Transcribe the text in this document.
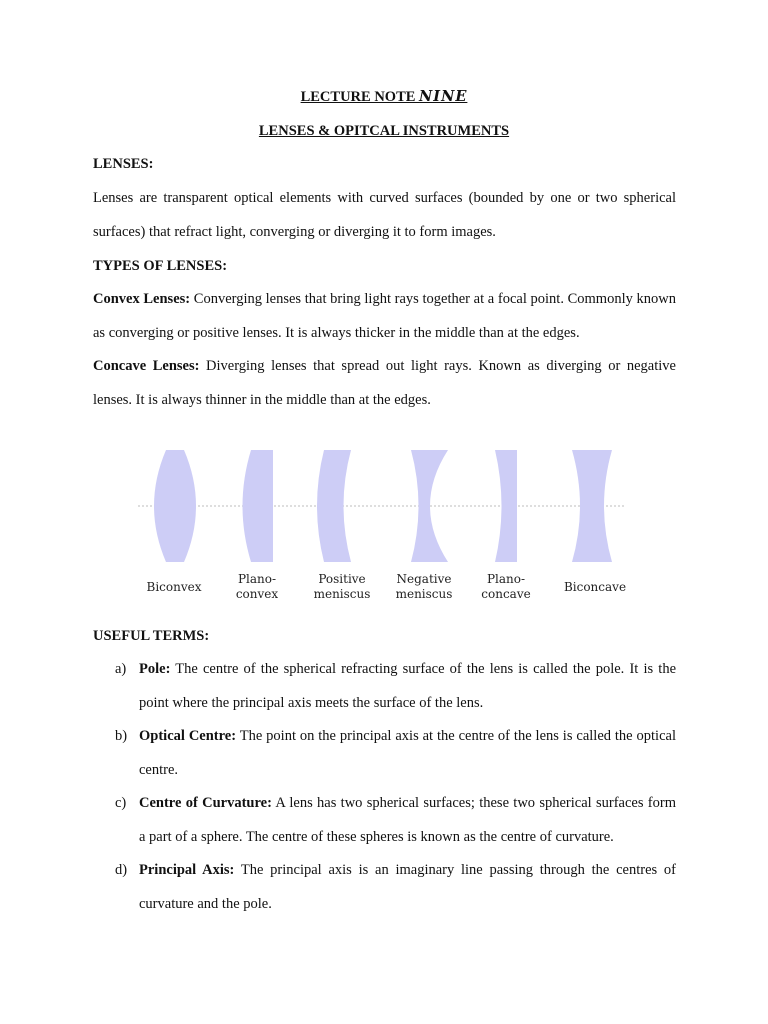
LECTURE NOTE NINE
LENSES & OPITCAL INSTRUMENTS
LENSES:

Lenses are transparent optical elements with curved surfaces (bounded by one or two spherical surfaces) that refract light, converging or diverging it to form images.

TYPES OF LENSES:

Convex Lenses: Converging lenses that bring light rays together at a focal point. Commonly known as converging or positive lenses. It is always thicker in the middle than at the edges.

Concave Lenses: Diverging lenses that spread out light rays. Known as diverging or negative lenses. It is always thinner in the middle than at the edges.

Biconvex
Plano-
convex
Positive
meniscus
Negative
meniscus
Plano-
concave	Biconcave
USEFUL TERMS:
a) Pole: The centre of the spherical refracting surface of the lens is called the pole. It is the point where the principal axis meets the surface of the lens.
b) Optical Centre: The point on the principal axis at the centre of the lens is called the optical centre.
c) Centre of Curvature: A lens has two spherical surfaces; these two spherical surfaces form a part of a sphere. The centre of these spheres is known as the centre of curvature.
d) Principal Axis: The principal axis is an imaginary line passing through the centres of curvature and the pole.
